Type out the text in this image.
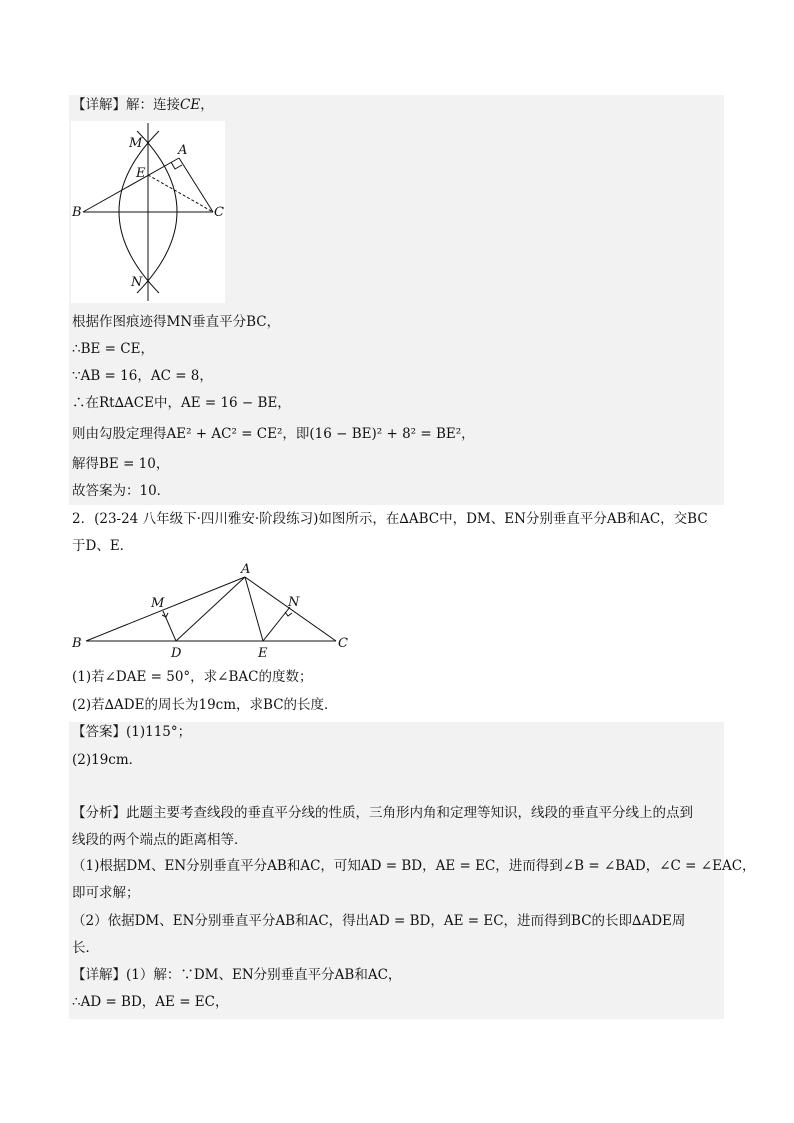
【详解】解：连接CE，
M	A
E
B	C
N
根据作图痕迹得MN垂直平分BC，
∴BE = CE，
∵AB = 16，AC = 8，
∴在Rt∆ACE中，AE = 16 − BE，
则由勾股定理得AE² + AC² = CE²，即(16 − BE)² + 8² = BE²，
解得BE = 10，
故答案为：10．
2．(23-24 八年级下·四川雅安·阶段练习)如图所示，在∆ABC中，DM、EN分别垂直平分AB和AC，交BC
于D、E．
A
M	N
B
D	E
C
(1)若∠DAE = 50°，求∠BAC的度数；
(2)若∆ADE的周长为19cm，求BC的长度．
【答案】(1)115°；
(2)19cm．
【分析】此题主要考查线段的垂直平分线的性质，三角形内角和定理等知识，线段的垂直平分线上的点到
线段的两个端点的距离相等．
（1)根据DM、EN分别垂直平分AB和AC，可知AD = BD，AE = EC，进而得到∠B = ∠BAD，∠C = ∠EAC，
即可求解；
（2）依据DM、EN分别垂直平分AB和AC，得出AD = BD，AE = EC，进而得到BC的长即∆ADE周
长．
【详解】(1）解：∵DM、EN分别垂直平分AB和AC，
∴AD = BD，AE = EC，
